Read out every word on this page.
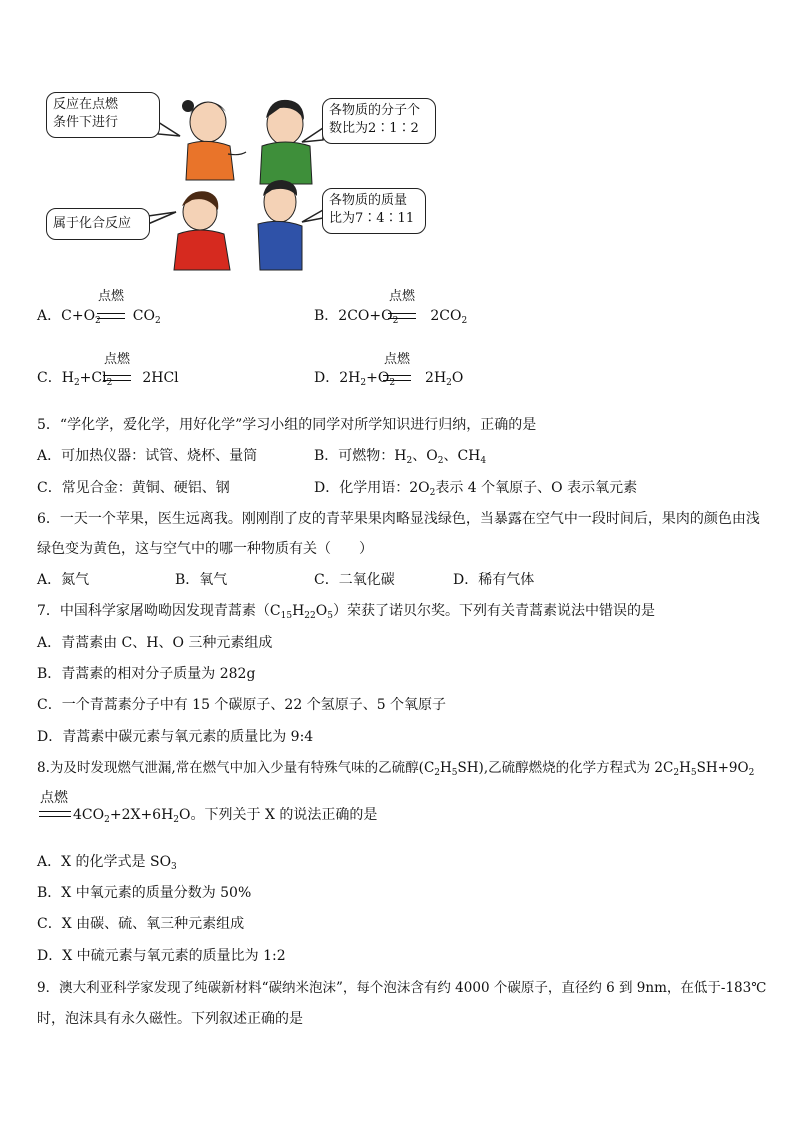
反应在点燃
条件下进行
各物质的分子个
数比为2∶1∶2
属于化合反应
各物质的质量
比为7∶4∶11
A．$C+O_2$ $CO_2$
点燃
B．$2CO+O_2$ $2CO_2$
点燃
C．$H_2+Cl_2$ 2HCl
点燃
D．$2H_2+O_2$ $2H_2O$
点燃
5．“学化学，爱化学，用好化学”学习小组的同学对所学知识进行归纳，正确的是
A．可加热仪器：试管、烧杯、量筒	B．可燃物：$H_2$、$O_2$、$CH_4$
C．常见合金：黄铜、硬铝、钢	D．化学用语：$2O_2$表示 4 个氧原子、O 表示氧元素
6．一天一个苹果，医生远离我。刚刚削了皮的青苹果果肉略显浅绿色，当暴露在空气中一段时间后，果肉的颜色由浅
绿色变为黄色，这与空气中的哪一种物质有关（　　）
A．氮气	B．氧气	C．二氧化碳	D．稀有气体
7．中国科学家屠呦呦因发现青蒿素$(C_{15}H_{22}O_5)$荣获了诺贝尔奖。下列有关青蒿素说法中错误的是
A．青蒿素由 C、H、O 三种元素组成
B．青蒿素的相对分子质量为 282g
C．一个青蒿素分子中有 15 个碳原子、22 个氢原子、5 个氧原子
D．青蒿素中碳元素与氧元素的质量比为 9:4
8.为及时发现燃气泄漏,常在燃气中加入少量有特殊气味的乙硫醇$(C_2H_5SH)$,乙硫醇燃烧的化学方程式为 $2C_2H_5SH+9O_2$
点燃
$4CO_2+2X+6H_2O$。下列关于 X 的说法正确的是
A．X 的化学式是 $SO_3$
B．X 中氧元素的质量分数为 50%
C．X 由碳、硫、氧三种元素组成
D．X 中硫元素与氧元素的质量比为 1:2
9．澳大利亚科学家发现了纯碳新材料“碳纳米泡沫”，每个泡沫含有约 4000 个碳原子，直径约 6 到 9nm，在低于-183℃
时，泡沫具有永久磁性。下列叙述正确的是
